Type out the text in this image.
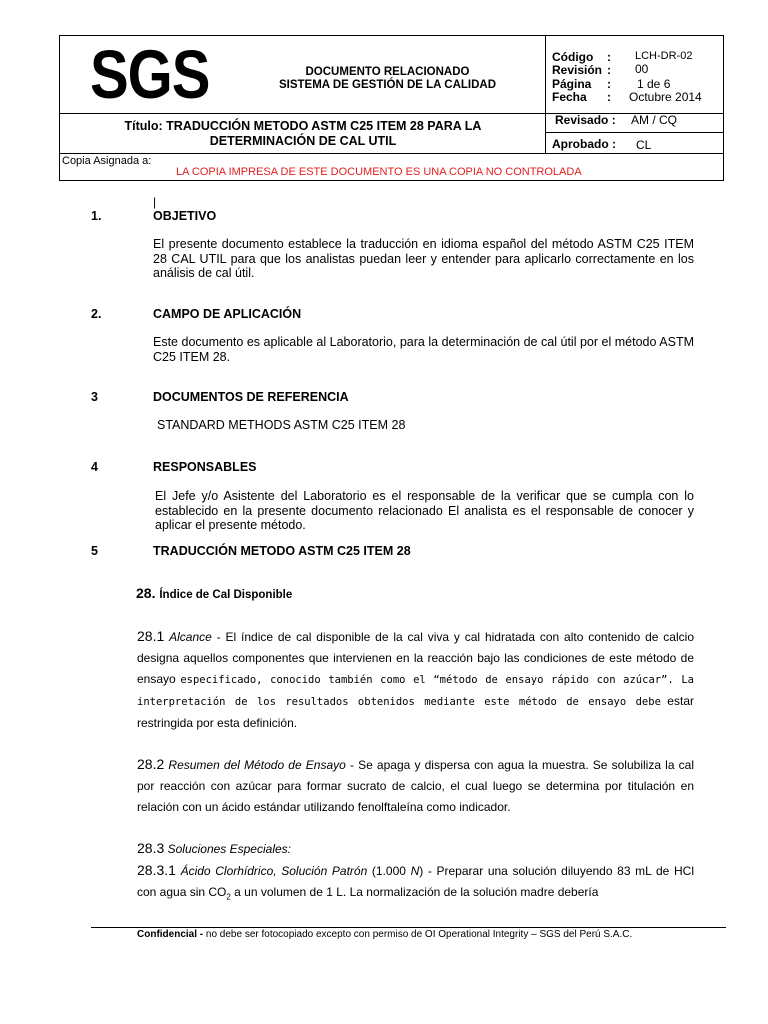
SGS	DOCUMENTO RELACIONADO
SISTEMA DE GESTIÓN DE LA CALIDAD
Código : LCH-DR-02
Revisión : 00
Página : 1 de 6
Fecha : Octubre 2014
Revisado : AM / CQ
Aprobado : CL
Título: TRADUCCIÓN METODO ASTM C25 ITEM 28 PARA LA
DETERMINACIÓN DE CAL UTIL
Copia Asignada a:
LA COPIA IMPRESA DE ESTE DOCUMENTO ES UNA COPIA NO CONTROLADA
|
1.	OBJETIVO
El presente documento establece la traducción en idioma español del método ASTM C25 ITEM 28 CAL UTIL para que los analistas puedan leer y entender para aplicarlo correctamente en los análisis de cal útil.
2.	CAMPO DE APLICACIÓN
Este documento es aplicable al Laboratorio, para la determinación de cal útil por el método ASTM C25 ITEM 28.
3	DOCUMENTOS DE REFERENCIA
STANDARD METHODS ASTM C25 ITEM 28
4	RESPONSABLES
El Jefe y/o Asistente del Laboratorio es el responsable de la verificar que se cumpla con lo establecido en la presente documento relacionado El analista es el responsable de conocer y aplicar el presente método.
5	TRADUCCIÓN METODO ASTM C25 ITEM 28
28. Índice de Cal Disponible
28.1 Alcance - El índice de cal disponible de la cal viva y cal hidratada con alto contenido de calcio designa aquellos componentes que intervienen en la reacción bajo las condiciones de este método de ensayo especificado, conocido también como el “método de ensayo rápido con azúcar”. La interpretación de los resultados obtenidos mediante este método de ensayo debe estar restringida por esta definición.
28.2 Resumen del Método de Ensayo - Se apaga y dispersa con agua la muestra. Se solubiliza la cal por reacción con azúcar para formar sucrato de calcio, el cual luego se determina por titulación en relación con un ácido estándar utilizando fenolftaleína como indicador.
28.3 Soluciones Especiales:
28.3.1 Ácido Clorhídrico, Solución Patrón (1.000 N) - Preparar una solución diluyendo 83 mL de HCl con agua $\sin CO_2$ a un volumen de 1 L. La normalización de la solución madre debería
Confidencial - no debe ser fotocopiado excepto con permiso de OI Operational Integrity – SGS del Perú S.A.C.
